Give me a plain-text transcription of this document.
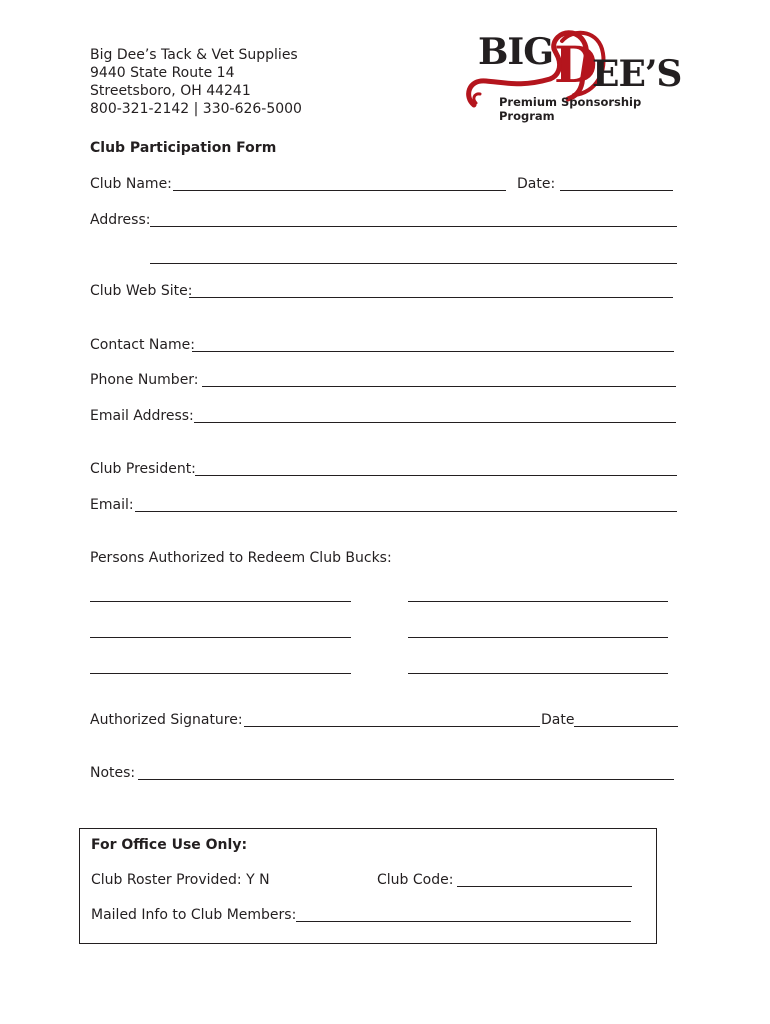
Big Dee’s Tack & Vet Supplies
9440 State Route 14
Streetsboro, OH 44241
800-321-2142 | 330-626-5000
BIG D
EE’S
Premium Sponsorship Program
Club Participation Form
Club Name:	Date:
Address:
Club Web Site:
Contact Name:
Phone Number:
Email Address:
Club President:
Email:
Persons Authorized to Redeem Club Bucks:
Authorized Signature:	Date
Notes:
For Office Use Only:
Club Roster Provided: Y N	Club Code:
Mailed Info to Club Members:
